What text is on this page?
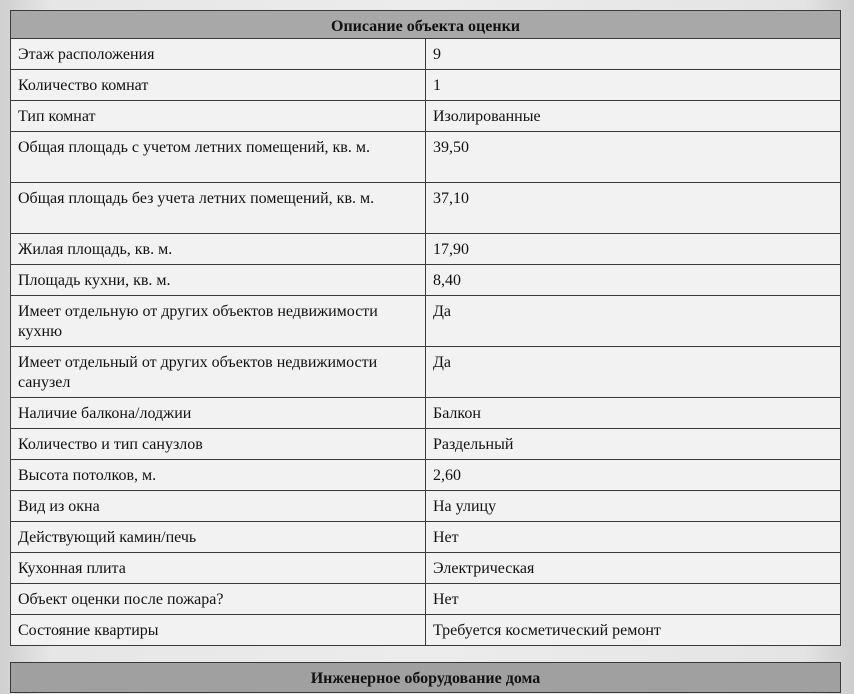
Описание объекта оценки	
Этаж расположения	9
Количество комнат	1
Тип комнат	Изолированные
Общая площадь с учетом летних помещений, кв. м.	39,50
Общая площадь без учета летних помещений, кв. м.	37,10
Жилая площадь, кв. м.	17,90
Площадь кухни, кв. м.	8,40
Имеет отдельную от других объектов недвижимости кухню	Да
Имеет отдельный от других объектов недвижимости санузел	Да
Наличие балкона/лоджии	Балкон
Количество и тип санузлов	Раздельный
Высота потолков, м.	2,60
Вид из окна	На улицу
Действующий камин/печь	Нет
Кухонная плита	Электрическая
Объект оценки после пожара?	Нет
Состояние квартиры	Требуется косметический ремонт
Инженерное оборудование дома
